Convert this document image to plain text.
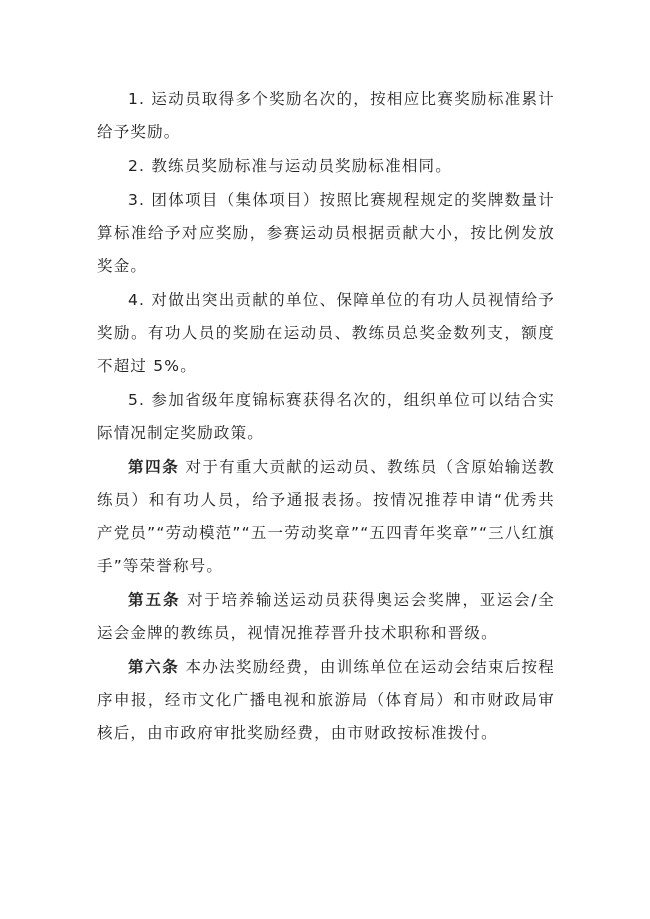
1. 运动员取得多个奖励名次的，按相应比赛奖励标准累计给予奖励。

2. 教练员奖励标准与运动员奖励标准相同。

3. 团体项目（集体项目）按照比赛规程规定的奖牌数量计算标准给予对应奖励，参赛运动员根据贡献大小，按比例发放奖金。

4. 对做出突出贡献的单位、保障单位的有功人员视情给予奖励。有功人员的奖励在运动员、教练员总奖金数列支，额度不超过 5%。

5. 参加省级年度锦标赛获得名次的，组织单位可以结合实际情况制定奖励政策。

第四条 对于有重大贡献的运动员、教练员（含原始输送教练员）和有功人员，给予通报表扬。按情况推荐申请“优秀共产党员”“劳动模范”“五一劳动奖章”“五四青年奖章”“三八红旗手”等荣誉称号。

第五条 对于培养输送运动员获得奥运会奖牌，亚运会/全运会金牌的教练员，视情况推荐晋升技术职称和晋级。

第六条 本办法奖励经费，由训练单位在运动会结束后按程序申报，经市文化广播电视和旅游局（体育局）和市财政局审核后，由市政府审批奖励经费，由市财政按标准拨付。
